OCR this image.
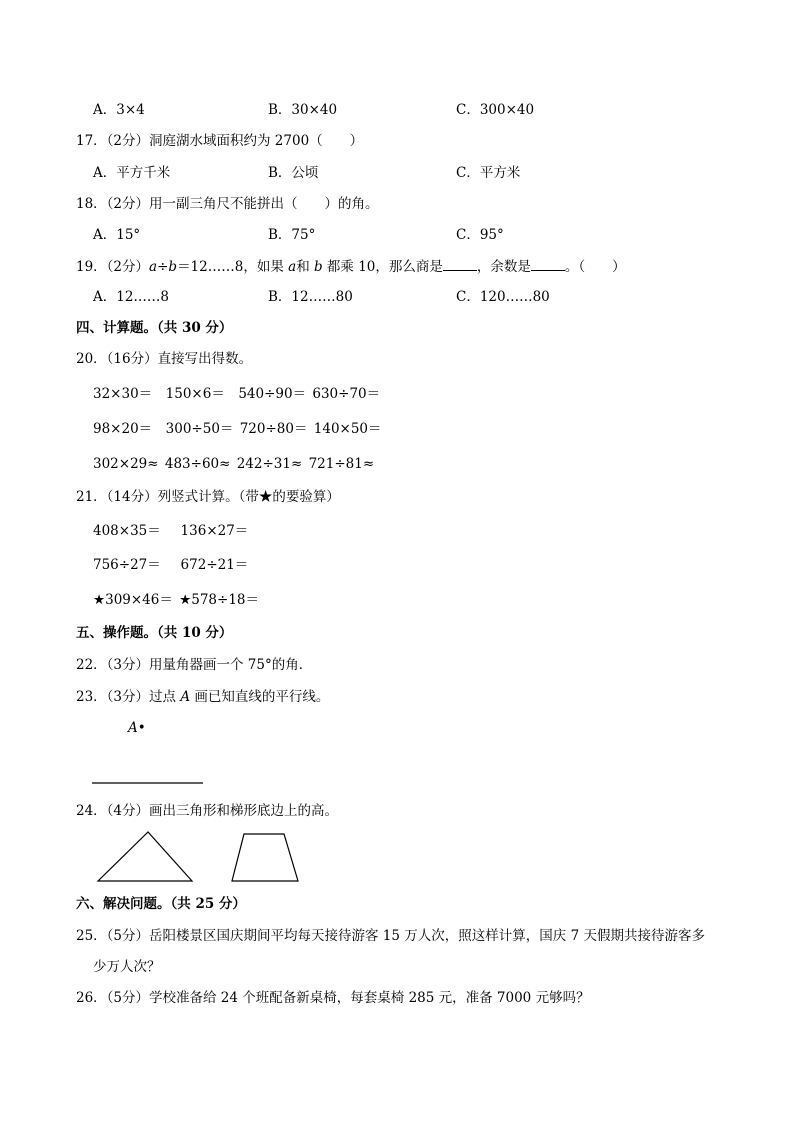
A．3×4	B．30×40	C．300×40
17．（2分）洞庭湖水域面积约为 2700（　　）
A．平方千米	B．公顷	C．平方米
18．（2分）用一副三角尺不能拼出（　　）的角。
A．15°	B．75°	C．95°
19．（2分）a÷b＝12……8，如果 a和 b 都乘 10，那么商是	，余数是	。（　　）
A．12……8	B．12……80	C．120……80
四、计算题。（共 30 分）
20．（16分）直接写出得数。
32×30＝　150×6＝　540÷90＝ 630÷70＝
98×20＝　300÷50＝ 720÷80＝ 140×50＝
302×29≈ 483÷60≈ 242÷31≈ 721÷81≈
21．（14分）列竖式计算。（带★的要验算）
408×35＝　 136×27＝
756÷27＝　 672÷21＝
★309×46＝ ★578÷18＝
五、操作题。（共 10 分）
22．（3分）用量角器画一个 75°的角．
23．（3分）过点 A 画已知直线的平行线。
A•
24．（4分）画出三角形和梯形底边上的高。
六、解决问题。（共 25 分）
25．（5分）岳阳楼景区国庆期间平均每天接待游客 15 万人次，照这样计算，国庆 7 天假期共接待游客多
少万人次？
26．（5分）学校准备给 24 个班配备新桌椅，每套桌椅 285 元，准备 7000 元够吗？
